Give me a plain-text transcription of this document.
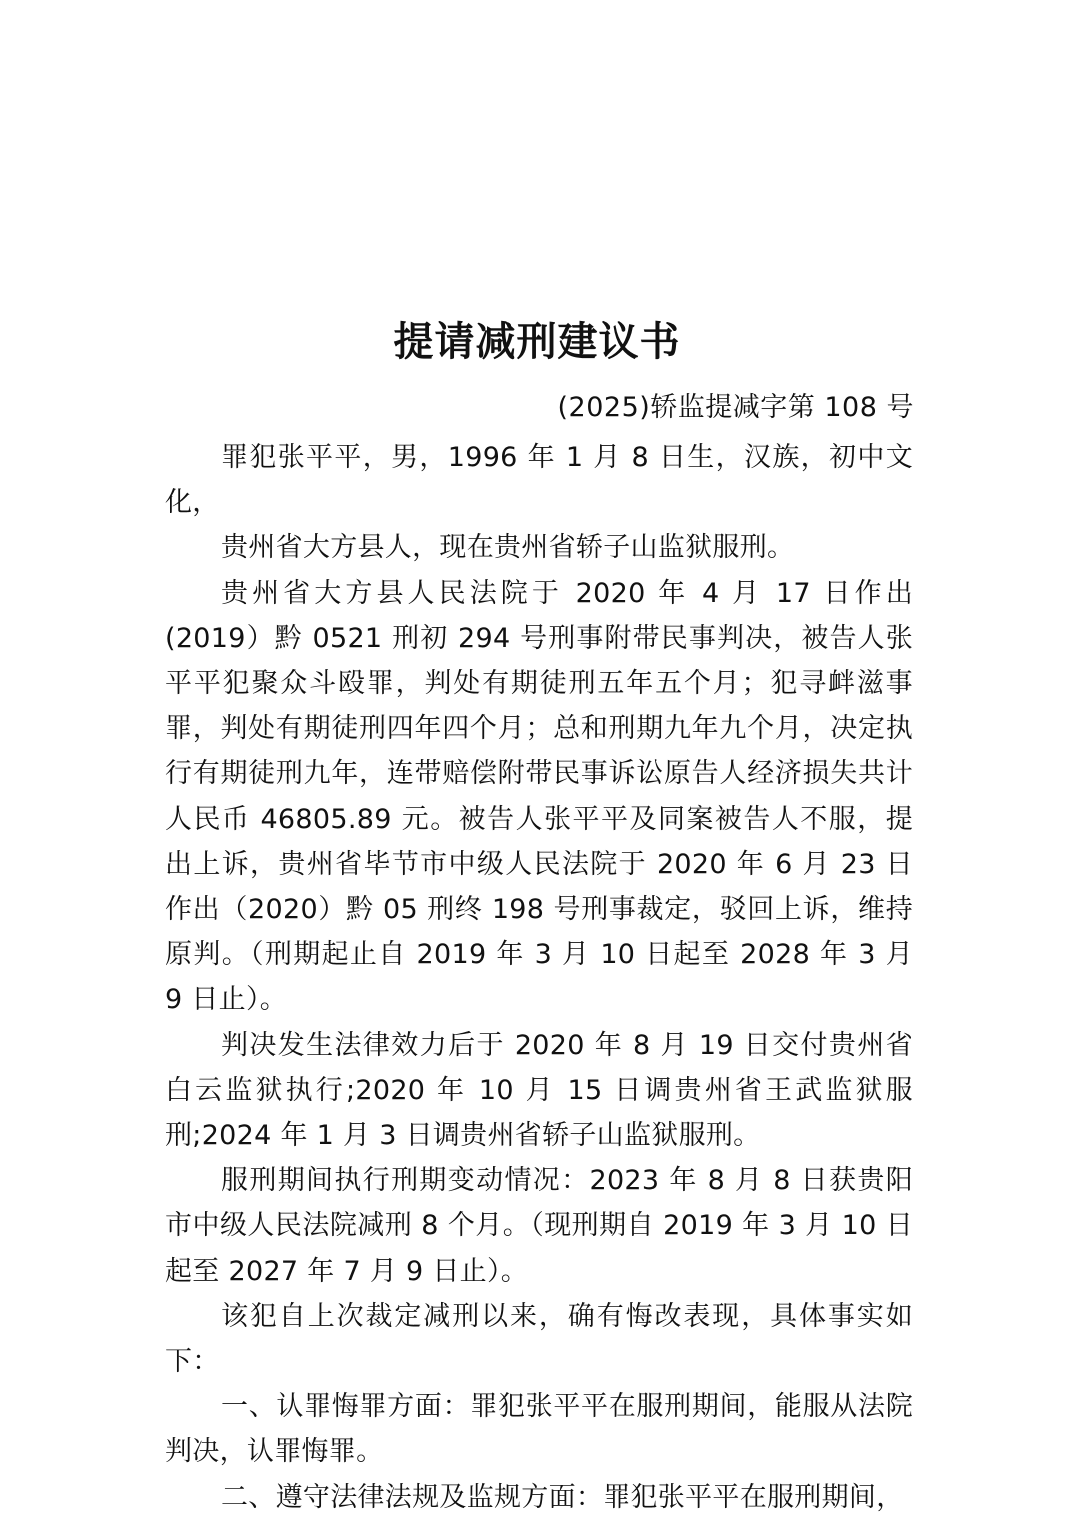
提请减刑建议书
(2025)轿监提减字第 108 号

罪犯张平平，男，1996 年 1 月 8 日生，汉族，初中文化，

贵州省大方县人，现在贵州省轿子山监狱服刑。

贵州省大方县人民法院于 2020 年 4 月 17 日作出(2019）黔 0521 刑初 294 号刑事附带民事判决，被告人张平平犯聚众斗殴罪，判处有期徒刑五年五个月；犯寻衅滋事罪，判处有期徒刑四年四个月；总和刑期九年九个月，决定执行有期徒刑九年，连带赔偿附带民事诉讼原告人经济损失共计人民币 46805.89 元。被告人张平平及同案被告人不服，提出上诉，贵州省毕节市中级人民法院于 2020 年 6 月 23 日作出（2020）黔 05 刑终 198 号刑事裁定，驳回上诉，维持原判。（刑期起止自 2019 年 3 月 10 日起至 2028 年 3 月 9 日止）。

判决发生法律效力后于 2020 年 8 月 19 日交付贵州省白云监狱执行;2020 年 10 月 15 日调贵州省王武监狱服刑;2024 年 1 月 3 日调贵州省轿子山监狱服刑。

服刑期间执行刑期变动情况：2023 年 8 月 8 日获贵阳市中级人民法院减刑 8 个月。（现刑期自 2019 年 3 月 10 日起至 2027 年 7 月 9 日止）。

该犯自上次裁定减刑以来，确有悔改表现，具体事实如下：

一、认罪悔罪方面：罪犯张平平在服刑期间，能服从法院判决，认罪悔罪。

二、遵守法律法规及监规方面：罪犯张平平在服刑期间，
